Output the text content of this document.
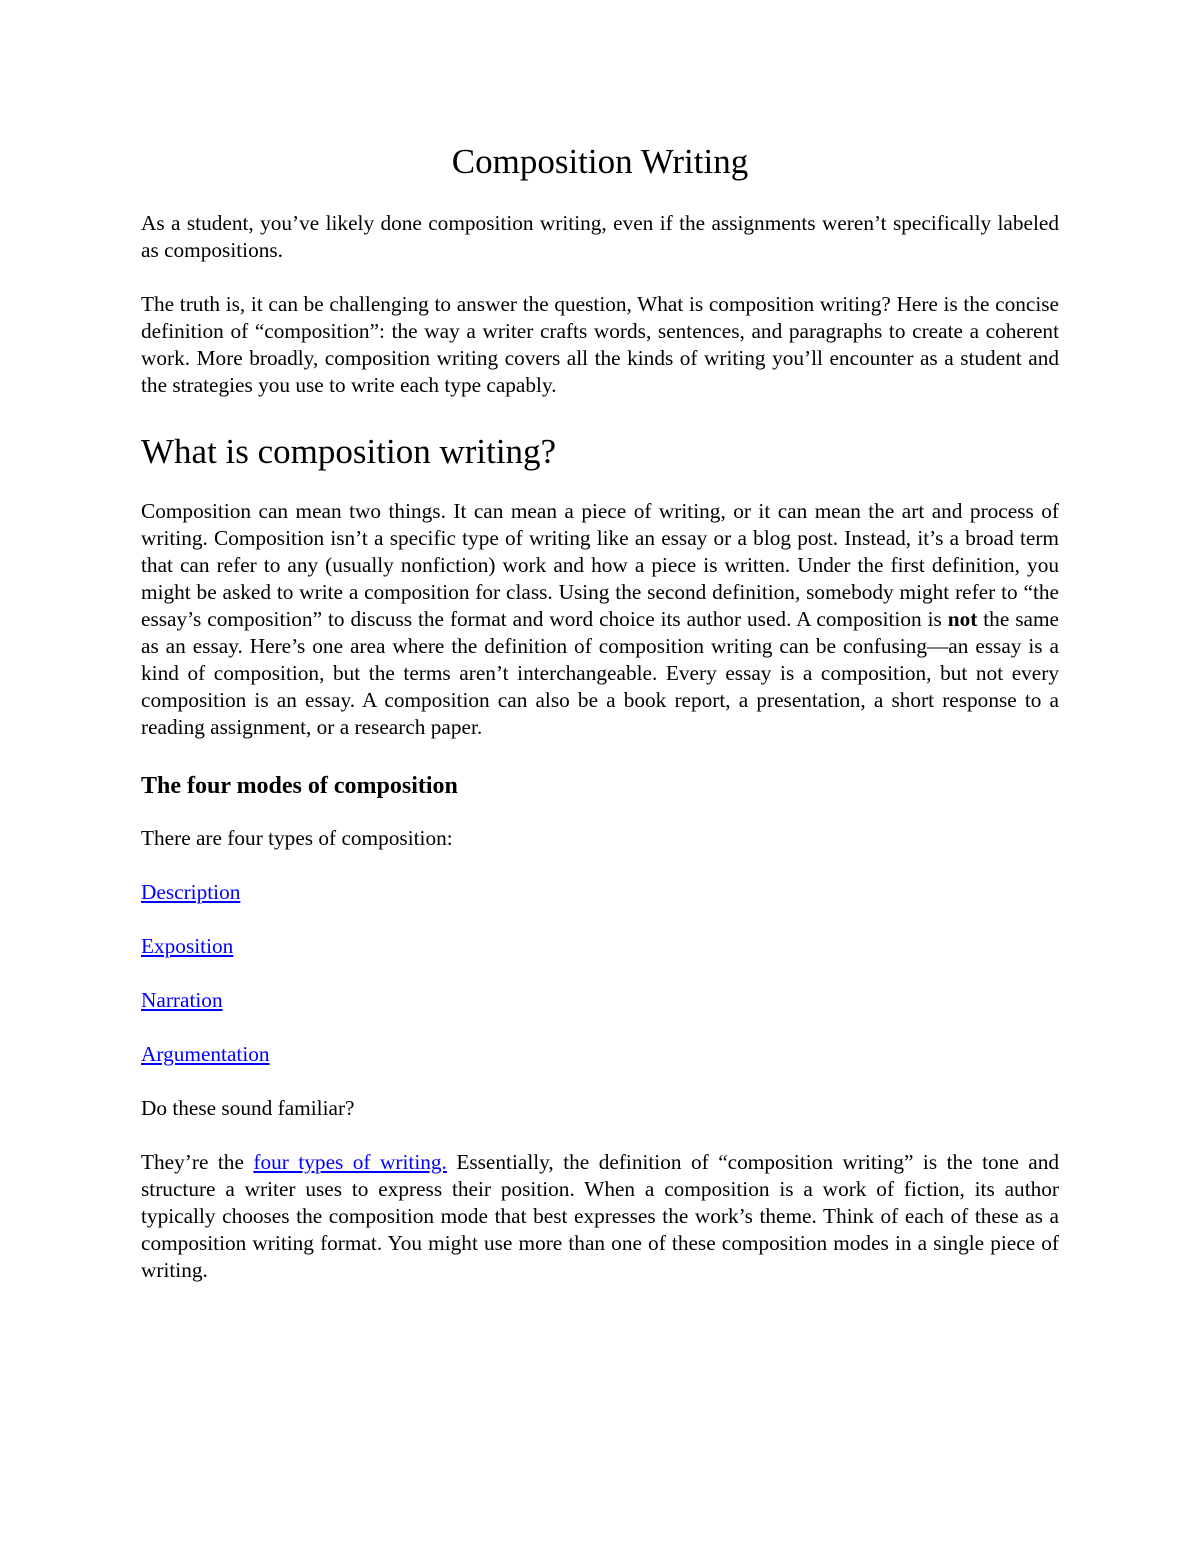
Composition Writing

As a student, you’ve likely done composition writing, even if the assignments weren’t specifically labeled as compositions.

The truth is, it can be challenging to answer the question, What is composition writing? Here is the concise definition of “composition”: the way a writer crafts words, sentences, and paragraphs to create a coherent work. More broadly, composition writing covers all the kinds of writing you’ll encounter as a student and the strategies you use to write each type capably.

What is composition writing?

Composition can mean two things. It can mean a piece of writing, or it can mean the art and process of writing. Composition isn’t a specific type of writing like an essay or a blog post. Instead, it’s a broad term that can refer to any (usually nonfiction) work and how a piece is written. Under the first definition, you might be asked to write a composition for class. Using the second definition, somebody might refer to “the essay’s composition” to discuss the format and word choice its author used. A composition is not the same as an essay. Here’s one area where the definition of composition writing can be confusing—an essay is a kind of composition, but the terms aren’t interchangeable. Every essay is a composition, but not every composition is an essay. A composition can also be a book report, a presentation, a short response to a reading assignment, or a research paper.

The four modes of composition

There are four types of composition:

Description

Exposition

Narration

Argumentation

Do these sound familiar?

They’re the four types of writing. Essentially, the definition of “composition writing” is the tone and structure a writer uses to express their position. When a composition is a work of fiction, its author typically chooses the composition mode that best expresses the work’s theme. Think of each of these as a composition writing format. You might use more than one of these composition modes in a single piece of writing.
